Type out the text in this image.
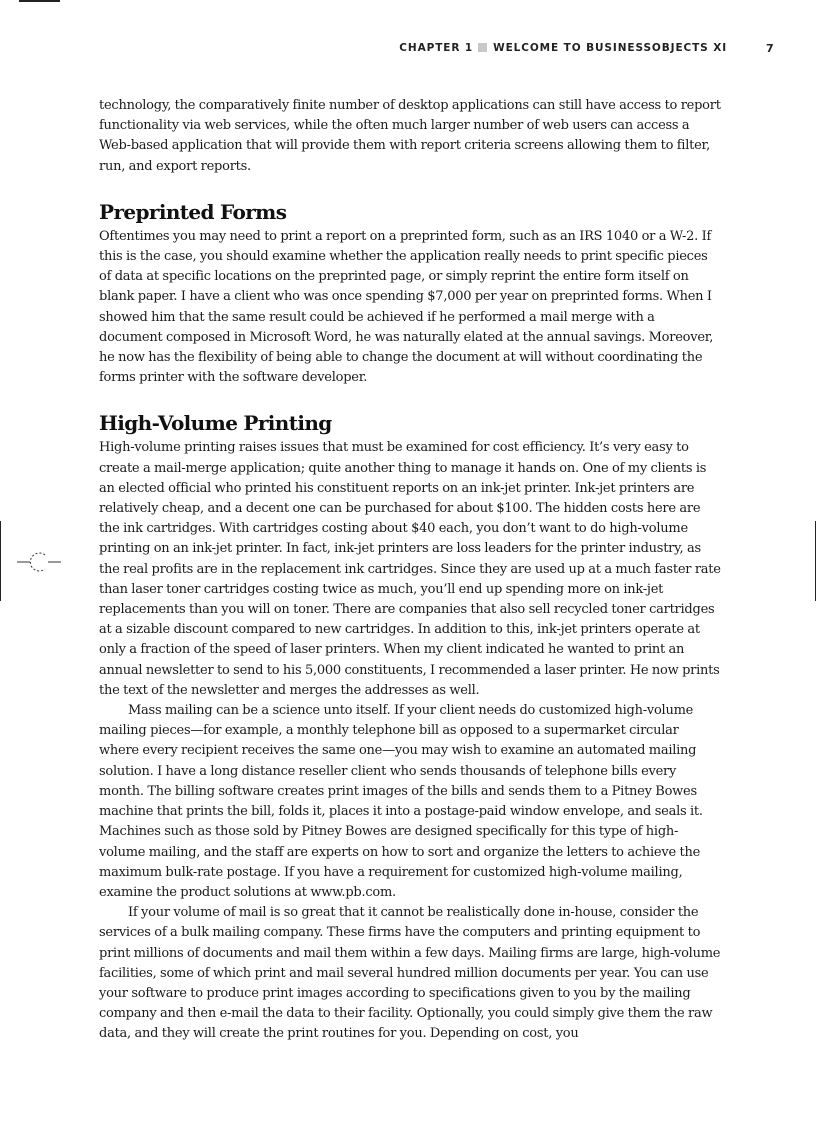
CHAPTER 1 WELCOME TO BUSINESSOBJECTS XI	7

technology, the comparatively finite number of desktop applications can still have access to report functionality via web services, while the often much larger number of web users can access a Web-based application that will provide them with report criteria screens allowing them to filter, run, and export reports.

Preprinted Forms

Oftentimes you may need to print a report on a preprinted form, such as an IRS 1040 or a W-2. If this is the case, you should examine whether the application really needs to print specific pieces of data at specific locations on the preprinted page, or simply reprint the entire form itself on blank paper. I have a client who was once spending $7,000 per year on preprinted forms. When I showed him that the same result could be achieved if he performed a mail merge with a document composed in Microsoft Word, he was naturally elated at the annual savings. Moreover, he now has the flexibility of being able to change the document at will without coordinating the forms printer with the software developer.

High-Volume Printing

High-volume printing raises issues that must be examined for cost efficiency. It’s very easy to create a mail-merge application; quite another thing to manage it hands on. One of my clients is an elected official who printed his constituent reports on an ink-jet printer. Ink-jet printers are relatively cheap, and a decent one can be purchased for about $100. The hidden costs here are the ink cartridges. With cartridges costing about $40 each, you don’t want to do high-volume printing on an ink-jet printer. In fact, ink-jet printers are loss leaders for the printer industry, as the real profits are in the replacement ink cartridges. Since they are used up at a much faster rate than laser toner cartridges costing twice as much, you’ll end up spending more on ink-jet replacements than you will on toner. There are companies that also sell recycled toner cartridges at a sizable discount compared to new cartridges. In addition to this, ink-jet printers operate at only a fraction of the speed of laser printers. When my client indicated he wanted to print an annual newsletter to send to his 5,000 constituents, I recommended a laser printer. He now prints the text of the newsletter and merges the addresses as well.

Mass mailing can be a science unto itself. If your client needs do customized high-volume mailing pieces—for example, a monthly telephone bill as opposed to a supermarket circular where every recipient receives the same one—you may wish to examine an automated mailing solution. I have a long distance reseller client who sends thousands of telephone bills every month. The billing software creates print images of the bills and sends them to a Pitney Bowes machine that prints the bill, folds it, places it into a postage-paid window envelope, and seals it. Machines such as those sold by Pitney Bowes are designed specifically for this type of high-volume mailing, and the staff are experts on how to sort and organize the letters to achieve the maximum bulk-rate postage. If you have a requirement for customized high-volume mailing, examine the product solutions at www.pb.com.

If your volume of mail is so great that it cannot be realistically done in-house, consider the services of a bulk mailing company. These firms have the computers and printing equipment to print millions of documents and mail them within a few days. Mailing firms are large, high-volume facilities, some of which print and mail several hundred million documents per year. You can use your software to produce print images according to specifications given to you by the mailing company and then e-mail the data to their facility. Optionally, you could simply give them the raw data, and they will create the print routines for you. Depending on cost, you
